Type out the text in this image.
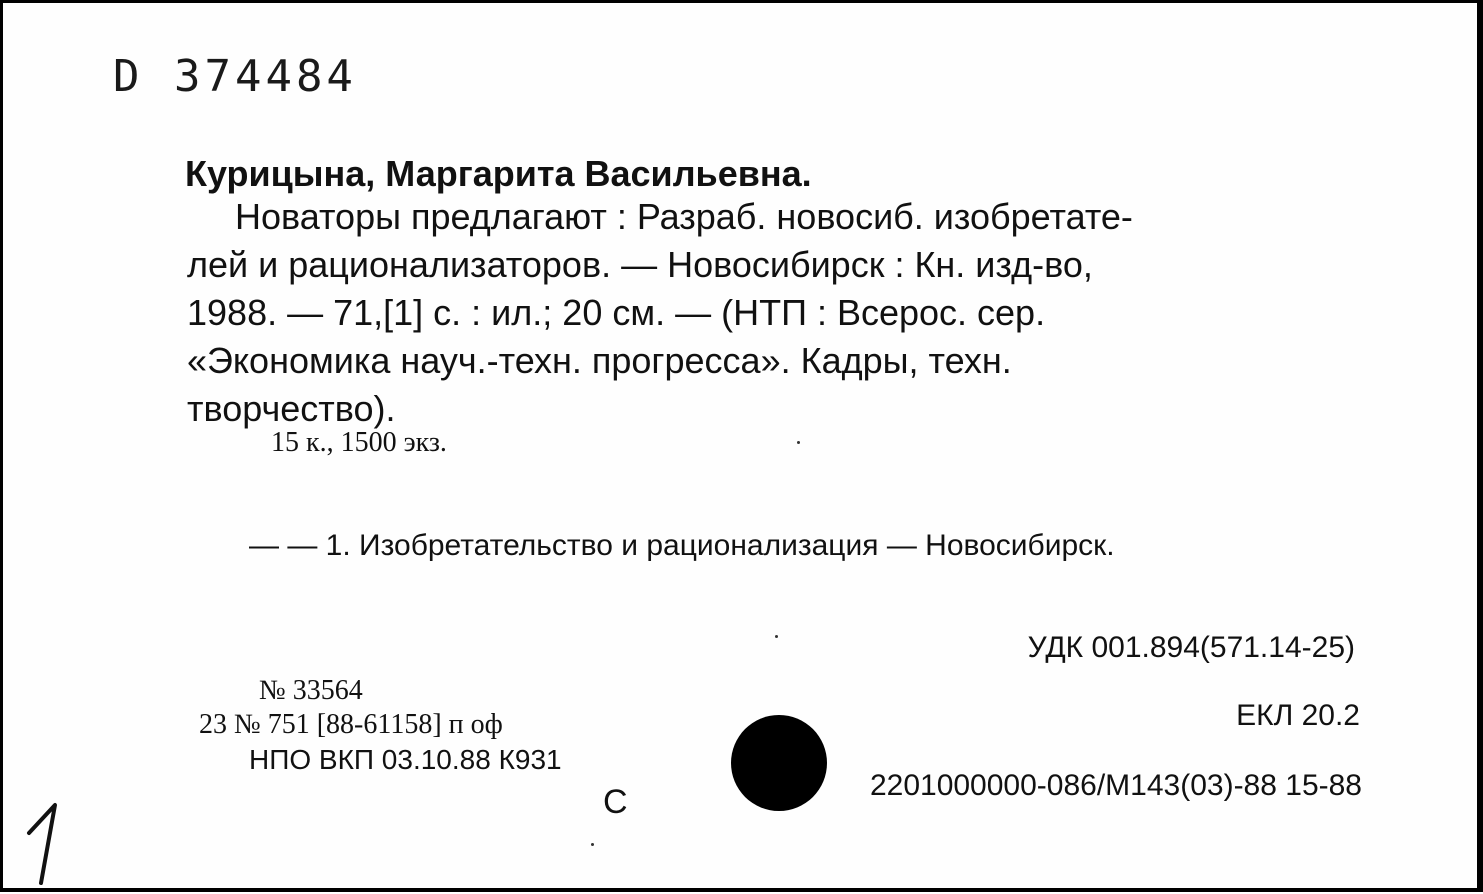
D 374484
Курицына, Маргарита Васильевна.
Новаторы предлагают : Разраб. новосиб. изобретате-
лей и рационализаторов. — Новосибирск : Кн. изд-во,
1988. — 71,[1] с. : ил.; 20 см. — (НТП : Всерос. сер.
«Экономика науч.-техн. прогресса». Кадры, техн.
творчество).
15 к., 1500 экз.
— — 1. Изобретательство и рационализация — Новосибирск.
УДК 001.894(571.14-25)
ЕКЛ 20.2
2201000000-086/М143(03)-88 15-88
№ 33564
23 № 751 [88-61158] п оф
НПО ВКП 03.10.88 К931
С
